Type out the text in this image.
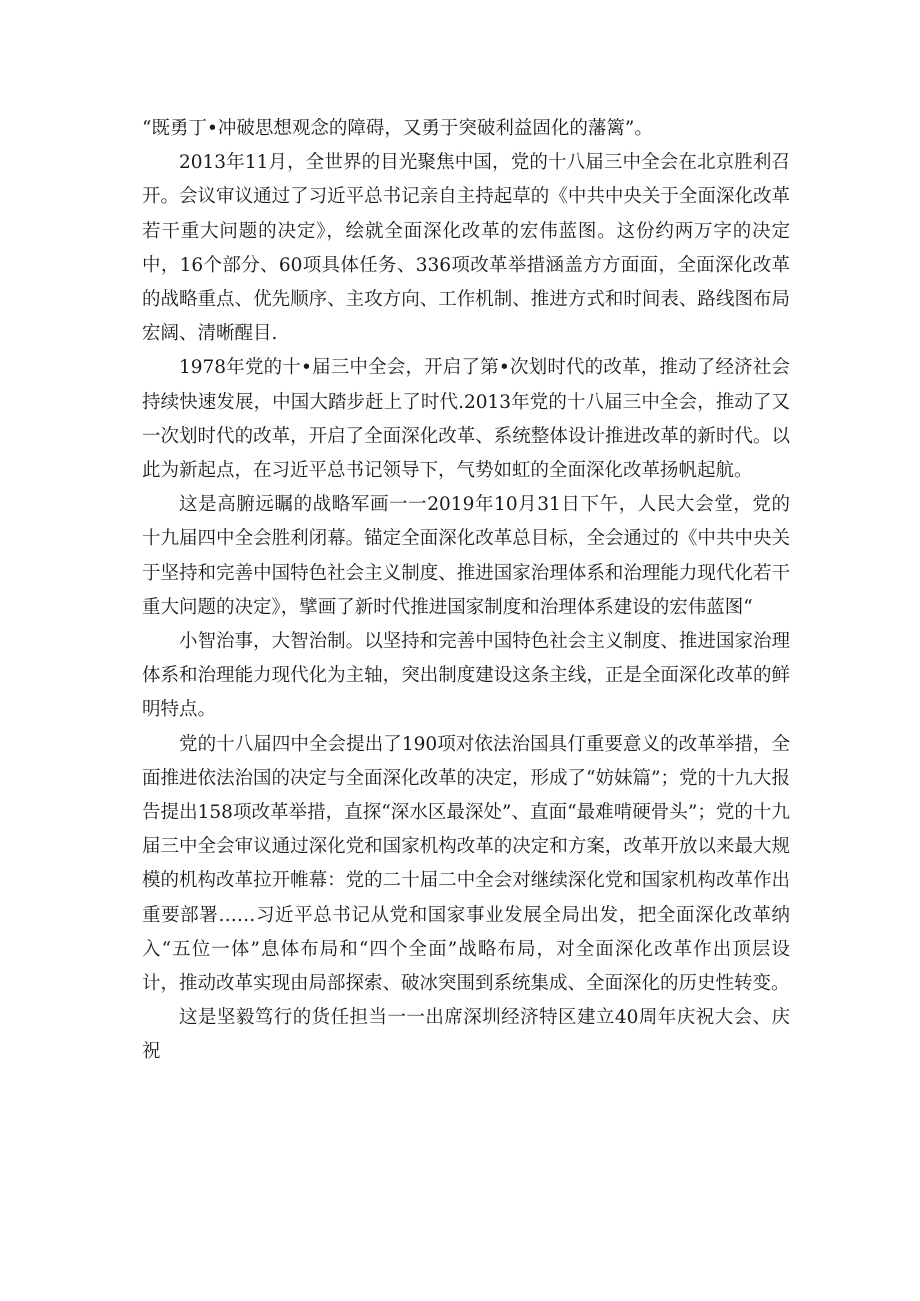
“既勇丁•冲破思想观念的障碍，又勇于突破利益固化的藩篱”。

2013年11月，全世界的目光聚焦中国，党的十八届三中全会在北京胜利召开。会议审议通过了习近平总书记亲自主持起草的《中共中央关于全面深化改革若干重大问题的决定》，绘就全面深化改革的宏伟蓝图。这份约两万字的决定中，16个部分、60项具体任务、336项改革举措涵盖方方面面，全面深化改革的战略重点、优先顺序、主攻方向、工作机制、推进方式和时间表、路线图布局宏阔、清晰醒目.

1978年党的十•届三中全会，开启了第•次划时代的改革，推动了经济社会持续快速发展，中国大踏步赶上了时代.2013年党的十八届三中全会，推动了又一次划时代的改革，开启了全面深化改革、系统整体设计推进改革的新时代。以此为新起点，在习近平总书记领导下，气势如虹的全面深化改革扬帆起航。

这是高腑远瞩的战略军画一一2019年10月31日下午，人民大会堂，党的十九届四中全会胜利闭幕。锚定全面深化改革总目标，全会通过的《中共中央关于坚持和完善中国特色社会主义制度、推进国家治理体系和治理能力现代化若干重大问题的决定》，擘画了新时代推进国家制度和治理体系建设的宏伟蓝图“

小智治事，大智治制。以坚持和完善中国特色社会主义制度、推进国家治理体系和治理能力现代化为主轴，突出制度建设这条主线，正是全面深化改革的鲜明特点。

党的十八届四中全会提出了190项对依法治国具仃重要意义的改革举措，全面推进依法治国的决定与全面深化改革的决定，形成了“妨妹篇”；党的十九大报告提出158项改革举措，直探“深水区最深处”、直面“最难啃硬骨头”；党的十九届三中全会审议通过深化党和国家机构改革的决定和方案，改革开放以来最大规模的机构改革拉开帷幕：党的二十届二中全会对继续深化党和国家机构改革作出重要部署……习近平总书记从党和国家事业发展全局出发，把全面深化改革纳入“五位一体”息体布局和“四个全面”战略布局，对全面深化改革作出顶层设计，推动改革实现由局部探索、破冰突围到系统集成、全面深化的历史性转变。

这是坚毅笃行的货任担当一一出席深圳经济特区建立40周年庆祝大会、庆祝
